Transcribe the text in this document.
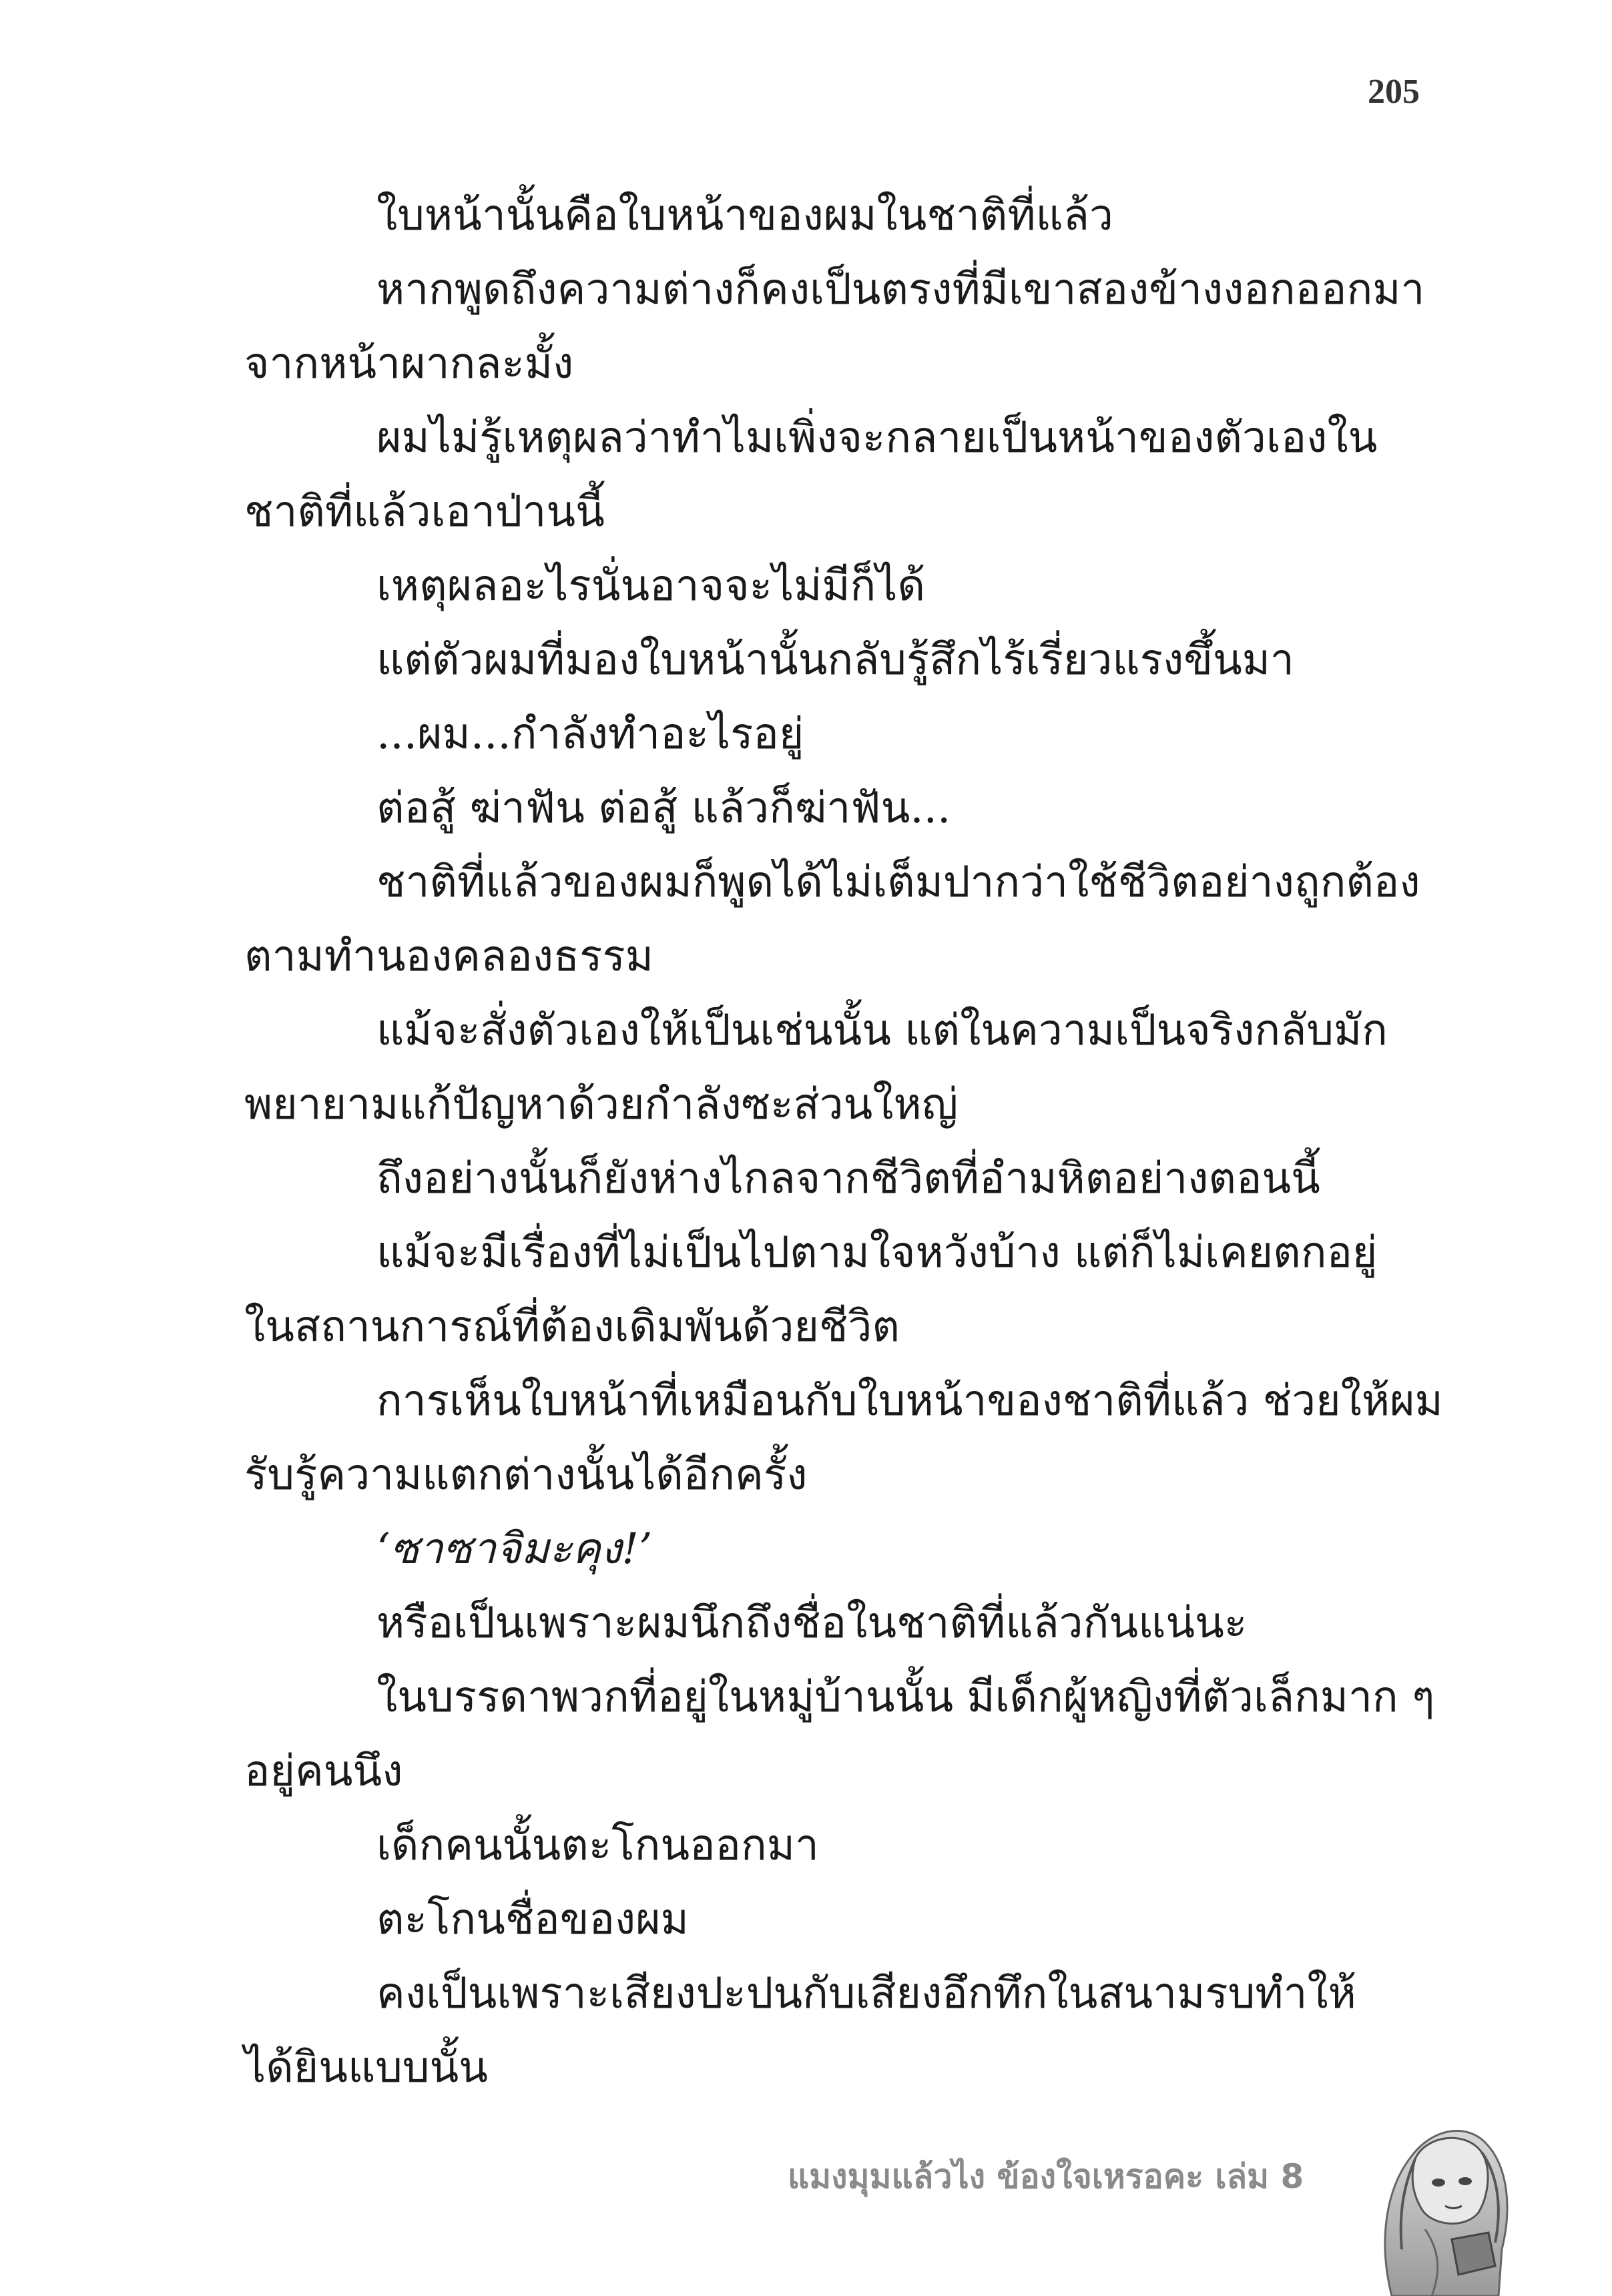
205
ใบหน้านั้นคือใบหน้าของผมในชาติที่แล้ว
หากพูดถึงความต่างก็คงเป็นตรงที่มีเขาสองข้างงอกออกมา
จากหน้าผากละมั้ง
ผมไม่รู้เหตุผลว่าทำไมเพิ่งจะกลายเป็นหน้าของตัวเองใน
ชาติที่แล้วเอาป่านนี้
เหตุผลอะไรนั่นอาจจะไม่มีก็ได้
แต่ตัวผมที่มองใบหน้านั้นกลับรู้สึกไร้เรี่ยวแรงขึ้นมา
...ผม...กำลังทำอะไรอยู่
ต่อสู้ ฆ่าฟัน ต่อสู้ แล้วก็ฆ่าฟัน...
ชาติที่แล้วของผมก็พูดได้ไม่เต็มปากว่าใช้ชีวิตอย่างถูกต้อง
ตามทำนองคลองธรรม
แม้จะสั่งตัวเองให้เป็นเช่นนั้น แต่ในความเป็นจริงกลับมัก
พยายามแก้ปัญหาด้วยกำลังซะส่วนใหญ่
ถึงอย่างนั้นก็ยังห่างไกลจากชีวิตที่อำมหิตอย่างตอนนี้
แม้จะมีเรื่องที่ไม่เป็นไปตามใจหวังบ้าง แต่ก็ไม่เคยตกอยู่
ในสถานการณ์ที่ต้องเดิมพันด้วยชีวิต
การเห็นใบหน้าที่เหมือนกับใบหน้าของชาติที่แล้ว ช่วยให้ผม
รับรู้ความแตกต่างนั้นได้อีกครั้ง
‘ซาซาจิมะคุง!’
หรือเป็นเพราะผมนึกถึงชื่อในชาติที่แล้วกันแน่นะ
ในบรรดาพวกที่อยู่ในหมู่บ้านนั้น มีเด็กผู้หญิงที่ตัวเล็กมาก ๆ
อยู่คนนึง
เด็กคนนั้นตะโกนออกมา
ตะโกนชื่อของผม
คงเป็นเพราะเสียงปะปนกับเสียงอึกทึกในสนามรบทำให้
ได้ยินแบบนั้น
แมงมุมแล้วไง ข้องใจเหรอคะ เล่ม 8
